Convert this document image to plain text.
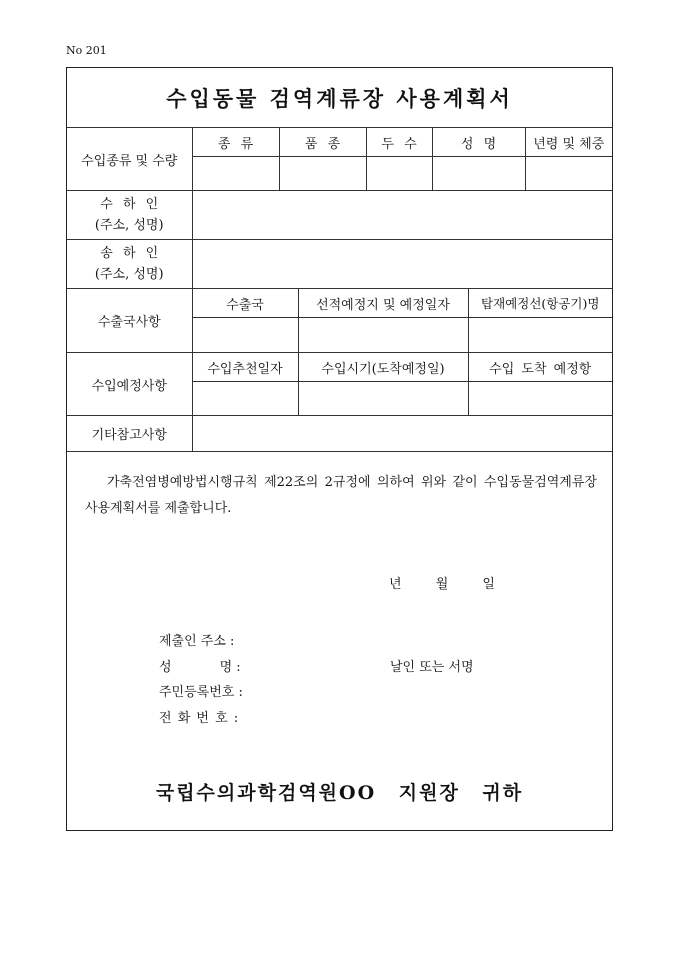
No 201
수입동물 검역계류장 사용계획서
수입종류 및 수량	종 류	품 종		두 수	성 명		년령 및 체중

수 하 인
(주소, 성명)							

송 하 인
(주소, 성명)							

수출국사항	수출국		선적예정지 및 예정일자			탑재예정선(항공기)명	

수입예정사항	수입추천일자		수입시기(도착예정일)			수입 도착 예정항	

기타참고사항							
가축전염병예방법시행규칙 제22조의 2규정에 의하여 위와 같이 수입동물검역계류장 사용계획서를 제출합니다.
년 월 일
제출인 주소 :
성	명 :	날인 또는 서명
주민등록번호 :
전 화 번 호 :
국립수의과학검역원OO 지원장 귀하
